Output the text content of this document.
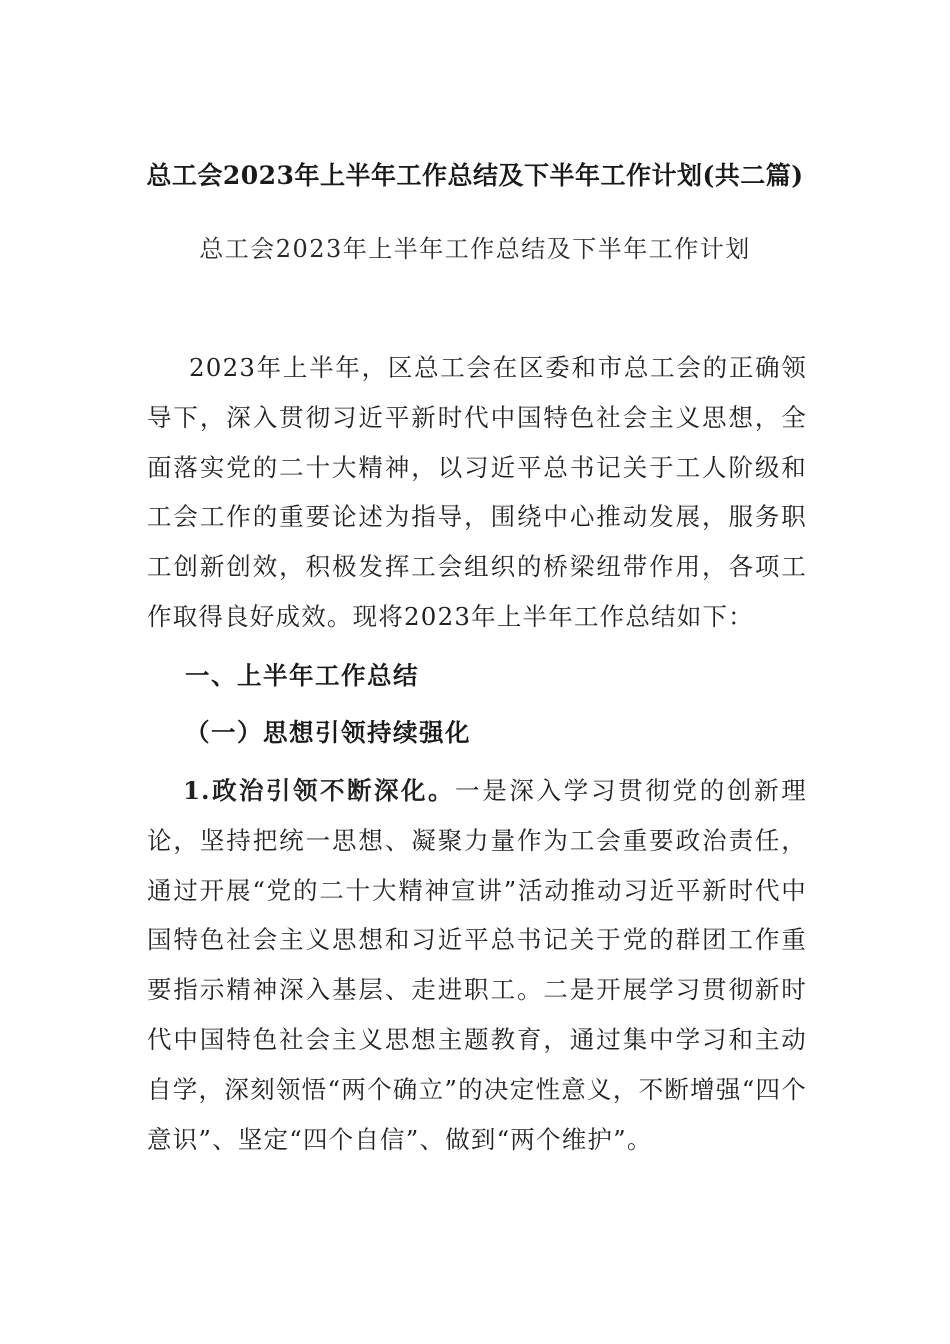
总工会2023年上半年工作总结及下半年工作计划(共二篇)
总工会2023年上半年工作总结及下半年工作计划

2023年上半年，区总工会在区委和市总工会的正确领导下，深入贯彻习近平新时代中国特色社会主义思想，全面落实党的二十大精神，以习近平总书记关于工人阶级和工会工作的重要论述为指导，围绕中心推动发展，服务职工创新创效，积极发挥工会组织的桥梁纽带作用，各项工作取得良好成效。现将2023年上半年工作总结如下：

一、上半年工作总结
（一）思想引领持续强化

1.政治引领不断深化。一是深入学习贯彻党的创新理论，坚持把统一思想、凝聚力量作为工会重要政治责任，通过开展“党的二十大精神宣讲”活动推动习近平新时代中国特色社会主义思想和习近平总书记关于党的群团工作重要指示精神深入基层、走进职工。二是开展学习贯彻新时代中国特色社会主义思想主题教育，通过集中学习和主动自学，深刻领悟“两个确立”的决定性意义，不断增强“四个意识”、坚定“四个自信”、做到“两个维护”。
